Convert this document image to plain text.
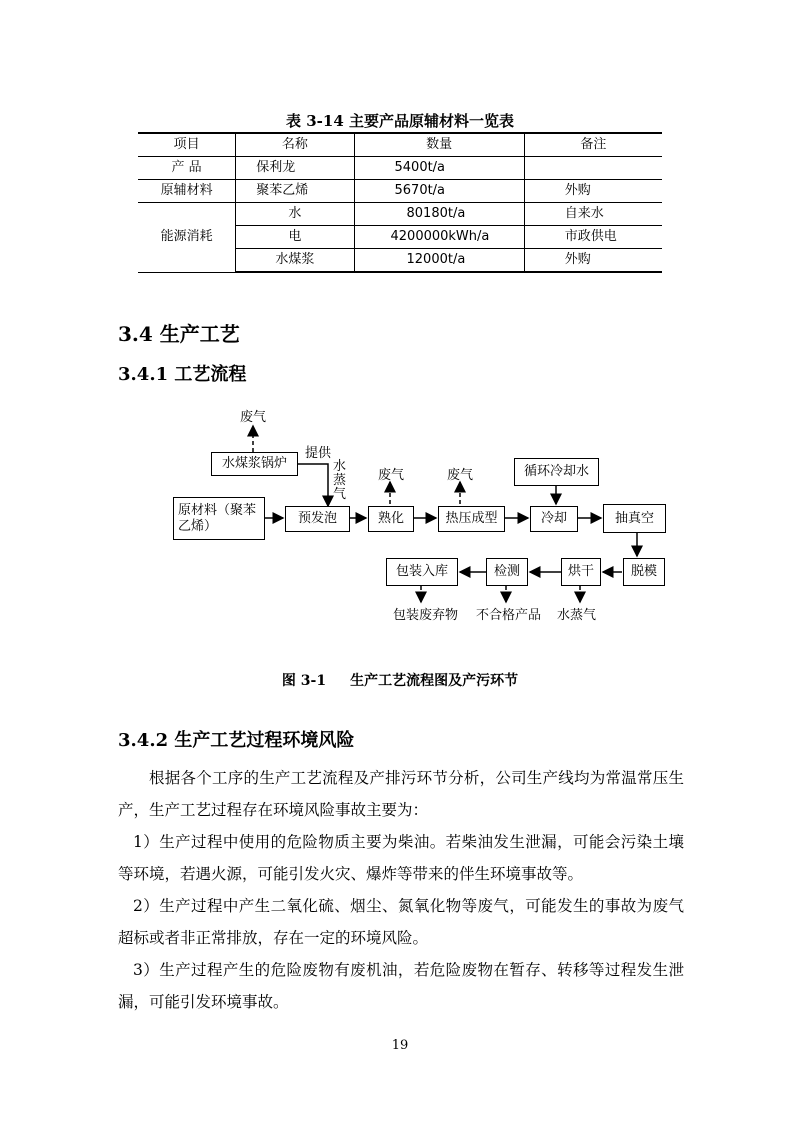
表 3-14 主要产品原辅材料一览表
项目	名称	数量	备注
产 品	保利龙	5400t/a	
原辅材料	聚苯乙烯	5670t/a	外购
能源消耗	水	80180t/a	自来水
	电	4200000kWh/a	市政供电
	水煤浆	12000t/a	外购
3.4 生产工艺
3.4.1 工艺流程
废气
水煤浆锅炉
提供
水蒸气
原材料（聚苯乙烯）	预发泡
废气
熟化
废气
热压成型
循环冷却水
冷却	抽真空
脱模
烘干
检测
包装入库
包装废弃物 不合格产品 水蒸气
图 3-1 生产工艺流程图及产污环节
3.4.2 生产工艺过程环境风险
根据各个工序的生产工艺流程及产排污环节分析，公司生产线均为常温常压生产，生产工艺过程存在环境风险事故主要为：
1）生产过程中使用的危险物质主要为柴油。若柴油发生泄漏，可能会污染土壤等环境，若遇火源，可能引发火灾、爆炸等带来的伴生环境事故等。
2）生产过程中产生二氧化硫、烟尘、氮氧化物等废气，可能发生的事故为废气超标或者非正常排放，存在一定的环境风险。
3）生产过程产生的危险废物有废机油，若危险废物在暂存、转移等过程发生泄漏，可能引发环境事故。
19
